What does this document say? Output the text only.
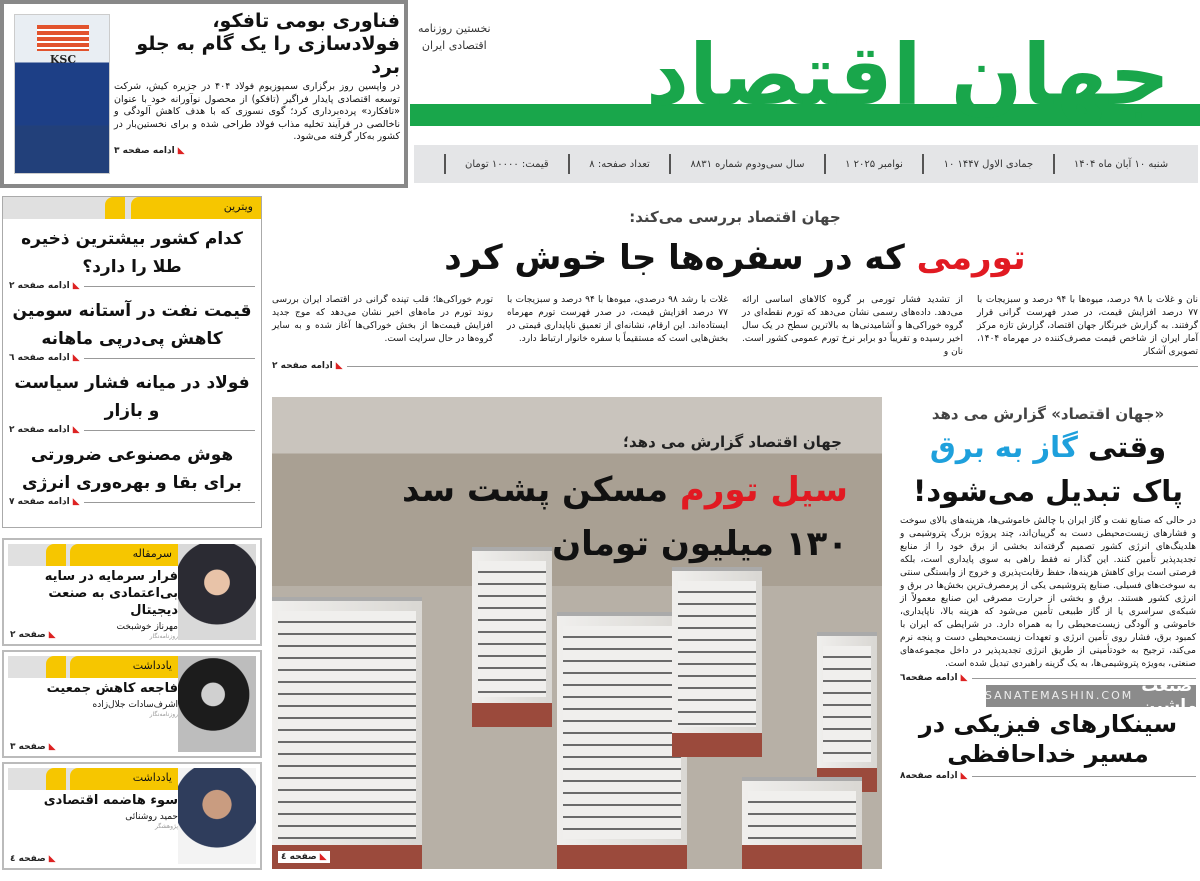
KSC
فناوری بومی تافکو، فولادسازی را یک گام به جلو برد
در واپسین روز برگزاری سمپوزیوم فولاد ۴۰۴ در جزیره کیش، شرکت توسعه اقتصادی پایدار فراگیر (تافکو) از محصول نوآورانه خود با عنوان «تافکارد» پرده‌برداری کرد؛ گوی نسوزی که با هدف کاهش آلودگی و ناخالصی در فرآیند تخلیه مذاب فولاد طراحی شده و برای نخستین‌بار در کشور به‌کار گرفته می‌شود.
◣ادامه صفحه ۳
جهان اقتصاد
نخستین روزنامه
اقتصادی ایران
شنبه ۱۰ آبان ماه ۱۴۰۴
۱۰ جمادی الاول ۱۴۴۷
۱ نوامبر ۲۰۲۵
سال سی‌ودوم شماره ۸۸۳۱
تعداد صفحه: ۸
قیمت: ۱۰۰۰۰ تومان
جهان اقتصاد بررسی می‌کند:
تورمی که در سفره‌ها جا خوش کرد

نان و غلات با ۹۸ درصد، میوه‌ها با ۹۴ درصد و سبزیجات با ۷۷ درصد افزایش قیمت، در صدر فهرست گرانی قرار گرفتند. به گزارش خبرنگار جهان اقتصاد، گزارش تازه مرکز آمار ایران از شاخص قیمت مصرف‌کننده در مهرماه ۱۴۰۴، تصویری آشکار

از تشدید فشار تورمی بر گروه کالاهای اساسی ارائه می‌دهد. داده‌های رسمی نشان می‌دهد که تورم نقطه‌ای در گروه خوراکی‌ها و آشامیدنی‌ها به بالاترین سطح در یک سال اخیر رسیده و تقریباً دو برابر نرخ تورم عمومی کشور است. نان و

غلات با رشد ۹۸ درصدی، میوه‌ها با ۹۴ درصد و سبزیجات با ۷۷ درصد افزایش قیمت، در صدر فهرست تورم مهرماه ایستاده‌اند. این ارقام، نشانه‌ای از تعمیق ناپایداری قیمتی در بخش‌هایی است که مستقیماً با سفره خانوار ارتباط دارد.

تورم خوراکی‌ها؛ قلب تپنده گرانی در اقتصاد ایران بررسی روند تورم در ماه‌های اخیر نشان می‌دهد که موج جدید افزایش قیمت‌ها از بخش خوراکی‌ها آغاز شده و به سایر گروه‌ها در حال سرایت است.

◣ادامه صفحه ۲
ویترین
کدام کشور بیشترین ذخیره طلا را دارد؟
◣ادامه صفحه ۲
قیمت نفت در آستانه سومین کاهش پی‌درپی ماهانه
◣ادامه صفحه ٦
فولاد در میانه فشار سیاست و بازار
◣ادامه صفحه ۲
هوش مصنوعی ضرورتی برای بقا و بهره‌وری انرژی
◣ادامه صفحه ۷
سرمقاله
فرار سرمایه در سایه بی‌اعتمادی به صنعت دیجیتال
مهرناز خوشبخت
روزنامه‌نگار
◣صفحه ۲
یادداشت
فاجعه کاهش جمعیت
اشرف‌سادات جلال‌زاده
روزنامه‌نگار
◣صفحه ۳
یادداشت
سوء هاضمه اقتصادی
حمید روشنائی
پژوهشگر
◣صفحه ٤
جهان اقتصاد گزارش می دهد؛
سیل تورم مسکن پشت سد
۱۳۰ میلیون تومان
◣صفحه ٤
«جهان اقتصاد» گزارش می دهد
وقتی گاز به برق پاک تبدیل می‌شود!
در حالی که صنایع نفت و گاز ایران با چالش خاموشی‌ها، هزینه‌های بالای سوخت و فشارهای زیست‌محیطی دست به گریبان‌اند، چند پروژه بزرگ پتروشیمی و هلدینگ‌های انرژی کشور تصمیم گرفته‌اند بخشی از برق خود را از منابع تجدیدپذیر تأمین کنند. این گذار نه فقط راهی به سوی پایداری است، بلکه فرصتی است برای کاهش هزینه‌ها، حفظ رقابت‌پذیری و خروج از وابستگی سنتی به سوخت‌های فسیلی. صنایع پتروشیمی یکی از پرمصرف‌ترین بخش‌ها در برق و انرژی کشور هستند. برق و بخشی از حرارت مصرفی این صنایع معمولاً از شبکه‌ی سراسری یا از گاز طبیعی تأمین می‌شود که هزینه بالا، ناپایداری، خاموشی و آلودگی زیست‌محیطی را به همراه دارد. در شرایطی که ایران با کمبود برق، فشار روی تأمین انرژی و تعهدات زیست‌محیطی دست و پنجه نرم می‌کند، ترجیح به خودتأمینی از طریق انرژی تجدیدپذیر در داخل مجموعه‌های صنعتی، به‌ویژه پتروشیمی‌ها، به یک گزینه راهبردی تبدیل شده است.
◣ادامه صفحه٦
SANATEMASHIN.COM صنعت ماشین
سینکارهای فیزیکی در مسیر خداحافظی
◣ادامه صفحه۸
